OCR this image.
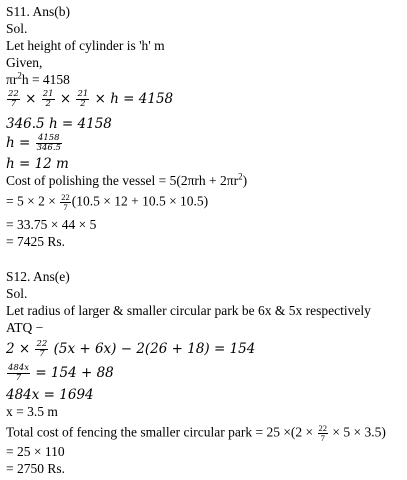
S11. Ans(b)
Sol.
Let height of cylinder is 'h' m
Given,
$\pi r^2h = 4158$
$\frac{22}{7} \times \frac{21}{2} \times \frac{21}{2} \times h = 4158$
346.5 h = 4158
$h = \frac{4158}{346.5}$
h = 12 m
Cost of polishing the vessel = $5(2\pi rh + 2\pi r^2)$
= $5 \times 2 \times \frac{22}{7} (10.5 \times 12 + 10.5 \times 10.5)$
= 33.75 × 44 × 5
= 7425 Rs.
S12. Ans(e)
Sol.
Let radius of larger & smaller circular park be 6x & 5x respectively
ATQ −
$2 \times \frac{22}{7} (5x + 6x) - 2(26 + 18) = 154$
$\frac{484x}{7} = 154 + 88$
484x = 1694
x = 3.5 m
Total cost of fencing the smaller circular park = $25 \times(2 \times \frac{22}{7} \times 5 \times 3.5)$
= 25 × 110
= 2750 Rs.
